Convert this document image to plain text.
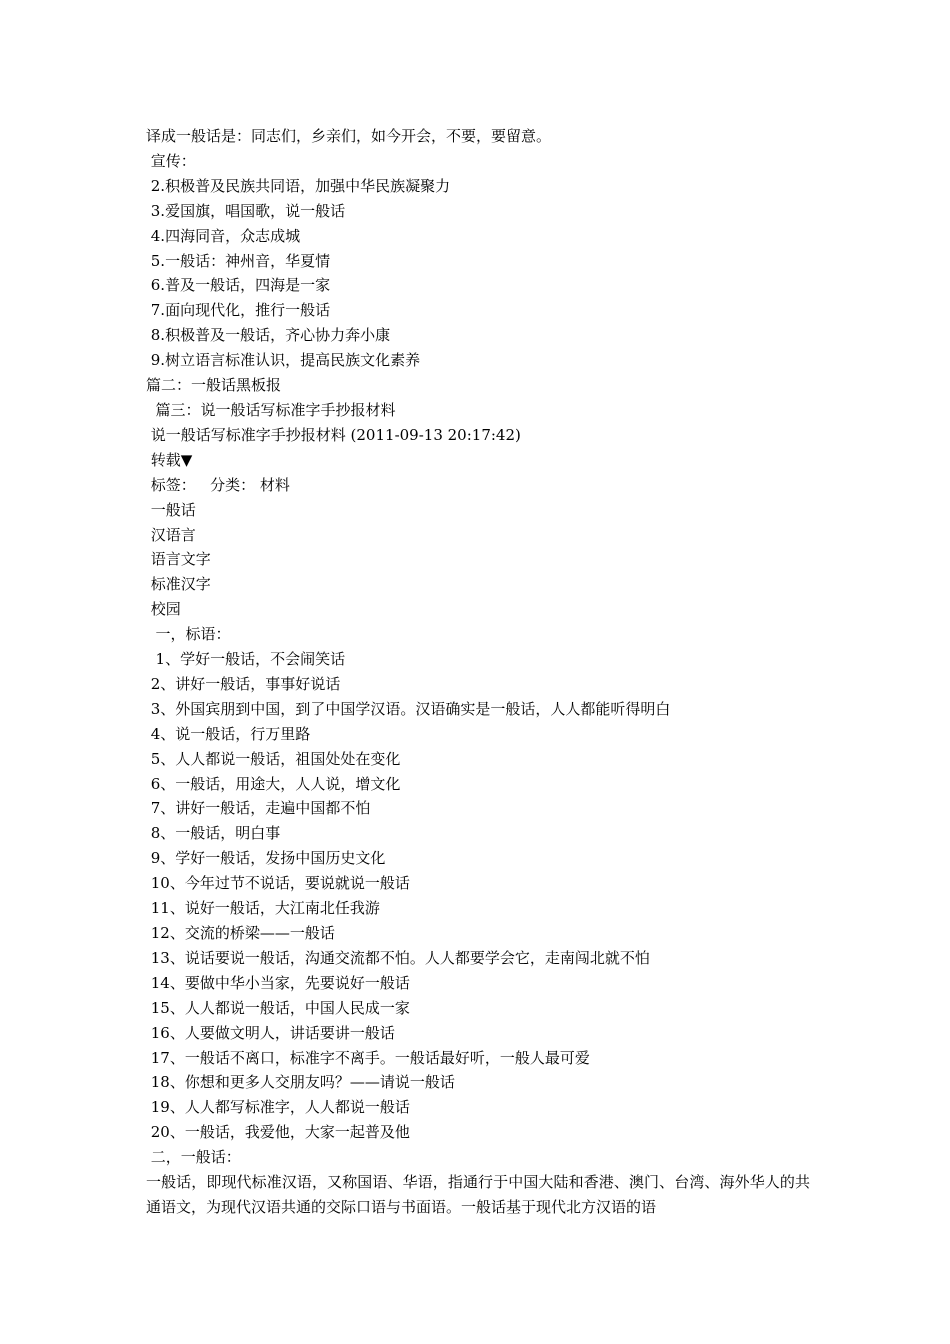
译成一般话是：同志们，乡亲们，如今开会，不要，要留意。
宣传：
2.积极普及民族共同语，加强中华民族凝聚力
3.爱国旗，唱国歌，说一般话
4.四海同音，众志成城
5.一般话：神州音，华夏情
6.普及一般话，四海是一家
7.面向现代化，推行一般话
8.积极普及一般话，齐心协力奔小康
9.树立语言标准认识，提高民族文化素养
篇二：一般话黑板报
篇三：说一般话写标准字手抄报材料
说一般话写标准字手抄报材料 (2011-09-13 20:17:42)
转载▼
标签：   分类： 材料
一般话
汉语言
语言文字
标准汉字
校园
一，标语：
1、学好一般话，不会闹笑话
2、讲好一般话，事事好说话
3、外国宾朋到中国，到了中国学汉语。汉语确实是一般话，人人都能听得明白
4、说一般话，行万里路
5、人人都说一般话，祖国处处在变化
6、一般话，用途大，人人说，增文化
7、讲好一般话，走遍中国都不怕
8、一般话，明白事
9、学好一般话，发扬中国历史文化
10、今年过节不说话，要说就说一般话
11、说好一般话，大江南北任我游
12、交流的桥梁——一般话
13、说话要说一般话，沟通交流都不怕。人人都要学会它，走南闯北就不怕
14、要做中华小当家，先要说好一般话
15、人人都说一般话，中国人民成一家
16、人要做文明人，讲话要讲一般话
17、一般话不离口，标准字不离手。一般话最好听，一般人最可爱
18、你想和更多人交朋友吗？——请说一般话
19、人人都写标准字，人人都说一般话
20、一般话，我爱他，大家一起普及他
二，一般话：
一般话，即现代标准汉语，又称国语、华语，指通行于中国大陆和香港、澳门、台湾、海外华人的共通语文，为现代汉语共通的交际口语与书面语。一般话基于现代北方汉语的语
